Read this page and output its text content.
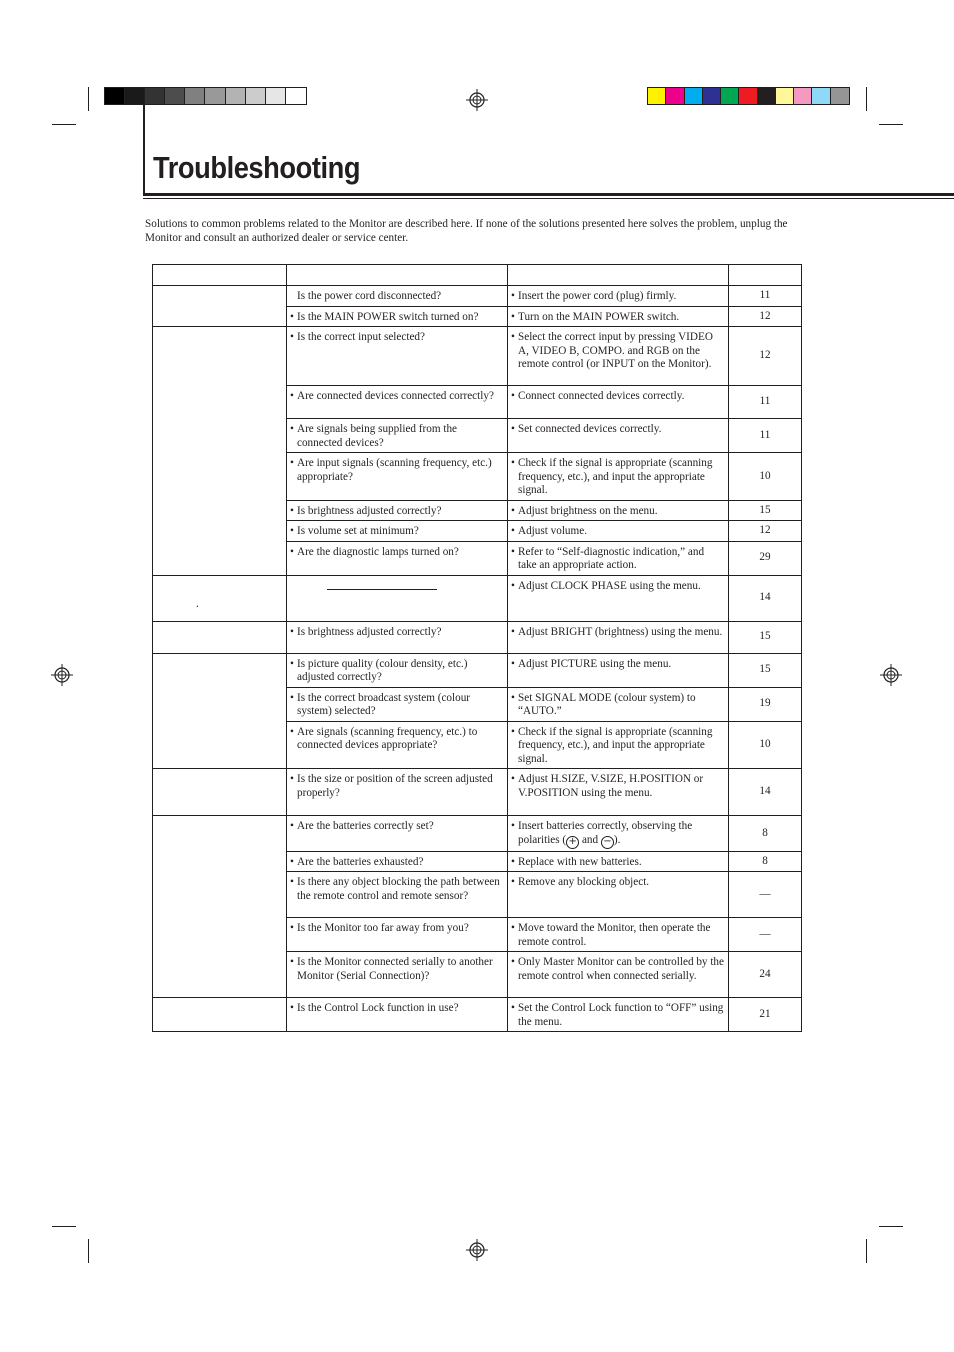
Troubleshooting
Solutions to common problems related to the Monitor are described here. If none of the solutions presented here solves the problem, unplug the Monitor and consult an authorized dealer or service center.

	Is the power cord disconnected?	• Insert the power cord (plug) firmly.	11

	• Is the MAIN POWER switch turned on?	• Turn on the MAIN POWER switch.	12

	• Is the correct input selected?	• Select the correct input by pressing VIDEO A, VIDEO B, COMPO. and RGB on the remote control (or INPUT on the Monitor).	12

	• Are connected devices connected correctly?	• Connect connected devices correctly.	11

	• Are signals being supplied from the connected devices?	• Set connected devices correctly.	11

	• Are input signals (scanning frequency, etc.) appropriate?	• Check if the signal is appropriate (scanning frequency, etc.), and input the appropriate signal.	10

	• Is brightness adjusted correctly?	• Adjust brightness on the menu.	15

	• Is volume set at minimum?	• Adjust volume.	12

	• Are the diagnostic lamps turned on?	• Refer to “Self-diagnostic indication,” and take an appropriate action.	29

.		• Adjust CLOCK PHASE using the menu.	14

	• Is brightness adjusted correctly?	• Adjust BRIGHT (brightness) using the menu.	15

	• Is picture quality (colour density, etc.) adjusted correctly?	• Adjust PICTURE using the menu.	15

	• Is the correct broadcast system (colour system) selected?	• Set SIGNAL MODE (colour system) to “AUTO.”	19

	• Are signals (scanning frequency, etc.) to connected devices appropriate?	• Check if the signal is appropriate (scanning frequency, etc.), and input the appropriate signal.	10

	• Is the size or position of the screen adjusted properly?	• Adjust H.SIZE, V.SIZE, H.POSITION or V.POSITION using the menu.	14

	• Are the batteries correctly set?	• Insert batteries correctly, observing the polarities ( + and − ).	8

	• Are the batteries exhausted?	• Replace with new batteries.	8

	• Is there any object blocking the path between the remote control and remote sensor?	• Remove any blocking object.	—

	• Is the Monitor too far away from you?	• Move toward the Monitor, then operate the remote control.	—

	• Is the Monitor connected serially to another Monitor (Serial Connection)?	• Only Master Monitor can be controlled by the remote control when connected serially.	24

	• Is the Control Lock function in use?	• Set the Control Lock function to “OFF” using the menu.	21
